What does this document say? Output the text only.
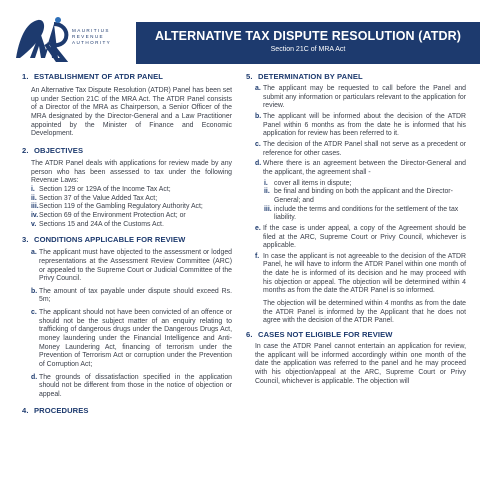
MAURITIUS
REVENUE
AUTHORITY	ALTERNATIVE TAX DISPUTE RESOLUTION (ATDR)
Section 21C of MRA Act
1. ESTABLISHMENT OF ATDR PANEL

An Alternative Tax Dispute Resolution (ATDR) Panel has been set up under Section 21C of the MRA Act. The ATDR Panel consists of a Director of the MRA as Chairperson, a Senior Officer of the MRA designated by the Director-General and a Law Practitioner appointed by the Minister of Finance and Economic Development.

2. OBJECTIVES

The ATDR Panel deals with applications for review made by any person who has been assessed to tax under the following Revenue Laws:

i. Section 129 or 129A of the Income Tax Act;
ii. Section 37 of the Value Added Tax Act;
iii. Section 119 of the Gambling Regulatory Authority Act;
iv. Section 69 of the Environment Protection Act; or
v. Sections 15 and 24A of the Customs Act.
3. CONDITIONS APPLICABLE FOR REVIEW
a. The applicant must have objected to the assessment or lodged representations at the Assessment Review Committee (ARC) or appealed to the Supreme Court or Judicial Committee of the Privy Council.
b. The amount of tax payable under dispute should exceed Rs. 5m;
c. The applicant should not have been convicted of an offence or should not be the subject matter of an enquiry relating to trafficking of dangerous drugs under the Dangerous Drugs Act, money laundering under the Financial Intelligence and Anti-Money Laundering Act, financing of terrorism under the Prevention of Terrorism Act or corruption under the Prevention of Corruption Act;
d. The grounds of dissatisfaction specified in the application should not be different from those in the notice of objection or appeal.
4. PROCEDURES
5. DETERMINATION BY PANEL
a. The applicant may be requested to call before the Panel and submit any information or particulars relevant to the application for review.
b. The applicant will be informed about the decision of the ATDR Panel within 6 months as from the date he is informed that his application for review has been referred to it.
c. The decision of the ATDR Panel shall not serve as a precedent or reference for other cases.
d. Where there is an agreement between the Director-General and the applicant, the agreement shall -
i. cover all items in dispute;
ii. be final and binding on both the applicant and the Director-General; and
iii. include the terms and conditions for the settlement of the tax liability.
e. If the case is under appeal, a copy of the Agreement should be filed at the ARC, Supreme Court or Privy Council, whichever is applicable.
f. In case the applicant is not agreeable to the decision of the ATDR Panel, he will have to inform the ATDR Panel within one month of the date he is informed of its decision and he may proceed with his objection or appeal. The objection will be determined within 4 months as from the date the ATDR Panel is so informed.

The objection will be determined within 4 months as from the date the ATDR Panel is informed by the Applicant that he does not agree with the decision of the ATDR Panel.

6. CASES NOT ELIGIBLE FOR REVIEW

In case the ATDR Panel cannot entertain an application for review, the applicant will be informed accordingly within one month of the date the application was referred to the panel and he may proceed with his objection/appeal at the ARC, Supreme Court or Privy Council, whichever is applicable. The objection will
